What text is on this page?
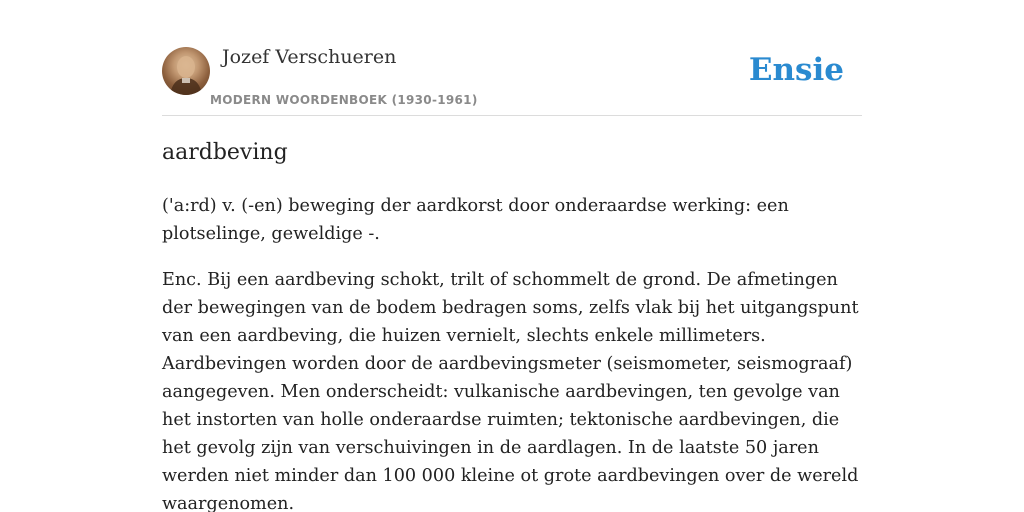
Jozef Verschueren
MODERN WOORDENBOEK (1930-1961)
Ensie
aardbeving

('a:rd) v. (-en) beweging der aardkorst door onderaardse werking: een plotselinge, geweldige -.

Enc. Bij een aardbeving schokt, trilt of schommelt de grond. De afmetingen der bewegingen van de bodem bedragen soms, zelfs vlak bij het uitgangspunt van een aardbeving, die huizen vernielt, slechts enkele millimeters. Aardbevingen worden door de aardbevingsmeter (seismometer, seismograaf) aangegeven. Men onderscheidt: vulkanische aardbevingen, ten gevolge van het instorten van holle onderaardse ruimten; tektonische aardbevingen, die het gevolg zijn van verschuivingen in de aardlagen. In de laatste 50 jaren werden niet minder dan 100 000 kleine ot grote aardbevingen over de wereld waargenomen.
